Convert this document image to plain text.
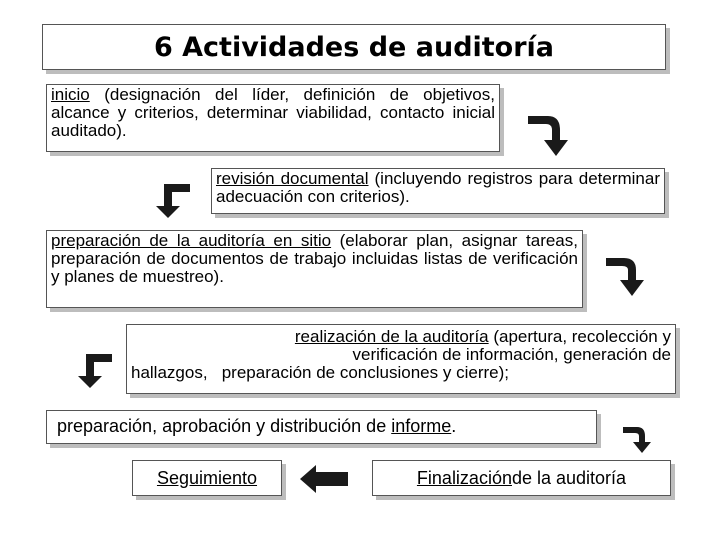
6 Actividades de auditoría
inicio (designación del líder, definición de objetivos, alcance y criterios, determinar viabilidad, contacto inicial auditado).
revisión documental (incluyendo registros para determinar adecuación con criterios).
preparación de la auditoría en sitio (elaborar plan, asignar tareas, preparación de documentos de trabajo incluidas listas de verificación y planes de muestreo).
realización de la auditoría (apertura, recolección y
verificación de información, generación de
hallazgos,   preparación de conclusiones y cierre);
preparación, aprobación y distribución de informe.
Seguimiento	Finalización de la auditoría
